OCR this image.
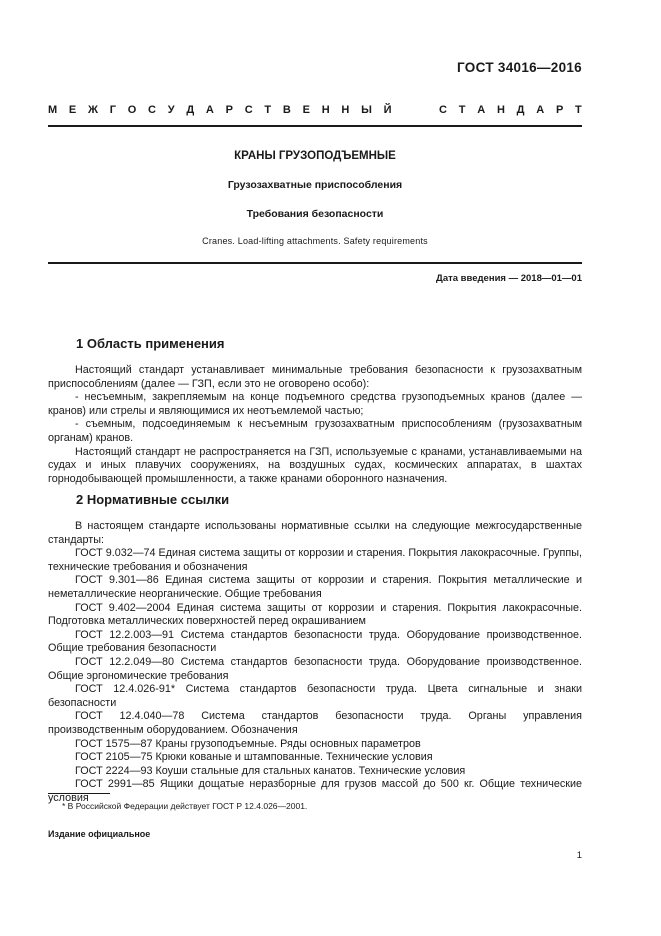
ГОСТ 34016—2016
М Е Ж Г О С У Д А Р С Т В Е Н Н Ы Й	С Т А Н Д А Р Т
КРАНЫ ГРУЗОПОДЪЕМНЫЕ
Грузозахватные приспособления
Требования безопасности
Cranes. Load-lifting attachments. Safety requirements
Дата введения — 2018—01—01
1 Область применения

Настоящий стандарт устанавливает минимальные требования безопасности к грузозахватным приспособлениям (далее — ГЗП, если это не оговорено особо):

- несъемным, закрепляемым на конце подъемного средства грузоподъемных кранов (далее — кранов) или стрелы и являющимися их неотъемлемой частью;

- съемным, подсоединяемым к несъемным грузозахватным приспособлениям (грузозахватным органам) кранов.

Настоящий стандарт не распространяется на ГЗП, используемые с кранами, устанавливаемыми на судах и иных плавучих сооружениях, на воздушных судах, космических аппаратах, в шахтах горнодобывающей промышленности, а также кранами оборонного назначения.

2 Нормативные ссылки

В настоящем стандарте использованы нормативные ссылки на следующие межгосударственные стандарты:

ГОСТ 9.032—74 Единая система защиты от коррозии и старения. Покрытия лакокрасочные. Группы, технические требования и обозначения

ГОСТ 9.301—86 Единая система защиты от коррозии и старения. Покрытия металлические и неметаллические неорганические. Общие требования

ГОСТ 9.402—2004 Единая система защиты от коррозии и старения. Покрытия лакокрасочные. Подготовка металлических поверхностей перед окрашиванием

ГОСТ 12.2.003—91 Система стандартов безопасности труда. Оборудование производственное. Общие требования безопасности

ГОСТ 12.2.049—80 Система стандартов безопасности труда. Оборудование производственное. Общие эргономические требования

ГОСТ 12.4.026-91* Система стандартов безопасности труда. Цвета сигнальные и знаки безопасности

ГОСТ 12.4.040—78 Система стандартов безопасности труда. Органы управления производственным оборудованием. Обозначения

ГОСТ 1575—87 Краны грузоподъемные. Ряды основных параметров

ГОСТ 2105—75 Крюки кованые и штампованные. Технические условия

ГОСТ 2224—93 Коуши стальные для стальных канатов. Технические условия

ГОСТ 2991—85 Ящики дощатые неразборные для грузов массой до 500 кг. Общие технические условия

* В Российской Федерации действует ГОСТ Р 12.4.026—2001.
Издание официальное
1
